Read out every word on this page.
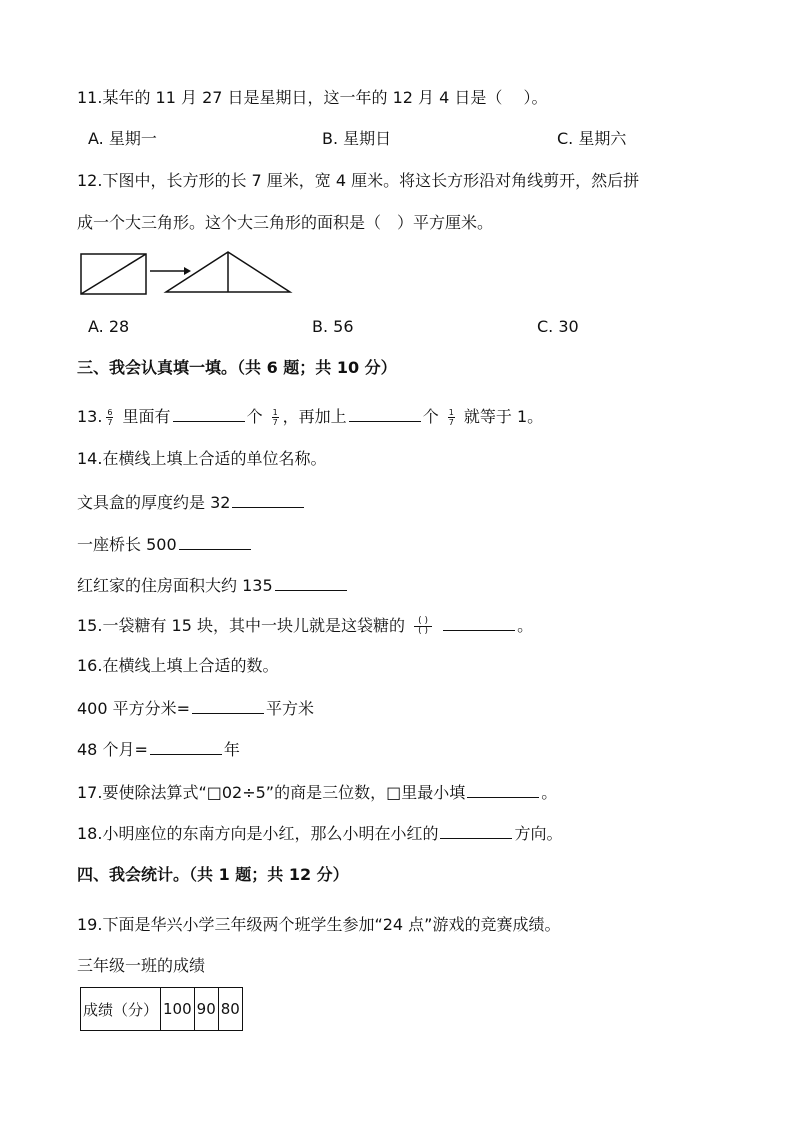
11.某年的 11 月 27 日是星期日，这一年的 12 月 4 日是（　 ）。
A. 星期一	B. 星期日	C. 星期六
12.下图中，长方形的长 7 厘米，宽 4 厘米。将这长方形沿对角线剪开，然后拼
成一个大三角形。这个大三角形的面积是（　）平方厘米。
A. 28	B. 56	C. 30
三、我会认真填一填。（共 6 题；共 10 分）
13. $\frac{6}{7}$ 里面有	个 $\frac{1}{7}$ ，再加上	个 $\frac{1}{7}$ 就等于 1。
14.在横线上填上合适的单位名称。
文具盒的厚度约是 32
一座桥长 500
红红家的住房面积大约 135
15.一袋糖有 15 块，其中一块儿就是这袋糖的 $\frac{( )}{( )}$	。
16.在横线上填上合适的数。
400 平方分米=	平方米
48 个月=	年
17.要使除法算式“□02÷5”的商是三位数，□里最小填	。
18.小明座位的东南方向是小红，那么小明在小红的	方向。
四、我会统计。（共 1 题；共 12 分）
19.下面是华兴小学三年级两个班学生参加“24 点”游戏的竞赛成绩。
三年级一班的成绩
成绩（分）	100	90	80
